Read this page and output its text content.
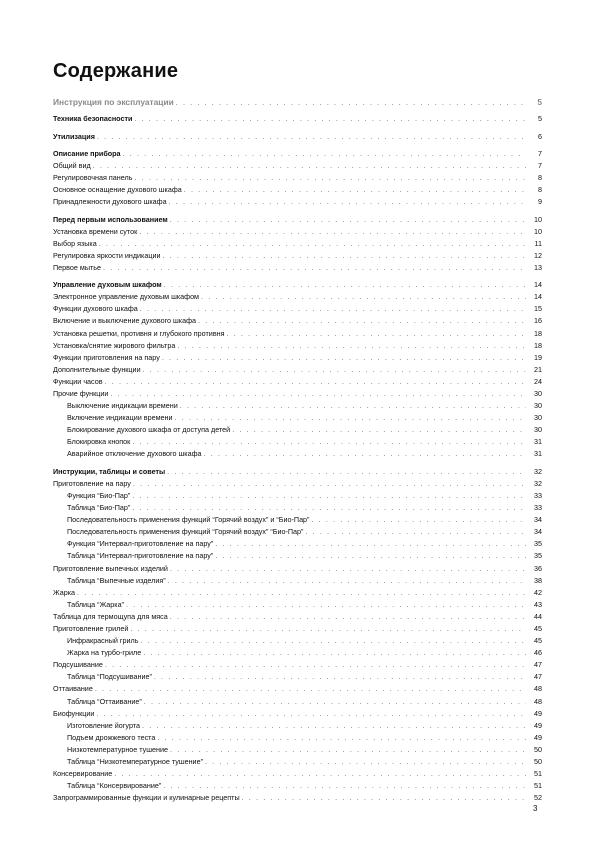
Содержание
Инструкция по эксплуатации . . .	5
Техника безопасности . . .	5
Утилизация . . .	6
Описание прибора . . .	7
Общий вид . . .	7
Регулировочная панель . . .	8
Основное оснащение духового шкафа . . .	8
Принадлежности духового шкафа . . .	9
Перед первым использованием . . .	10
Установка времени суток . . .	10
Выбор языка . . .	11
Регулировка яркости индикации . . .	12
Первое мытье . . .	13
Управление духовым шкафом . . .	14
Электронное управление духовым шкафом . . .	14
Функции духового шкафа . . .	15
Включение и выключение духового шкафа . . .	16
Установка решетки, противня и глубокого противня . . .	18
Установка/снятие жирового фильтра . . .	18
Функции приготовления на пару . . .	19
Дополнительные функции . . .	21
Функции часов . . .	24
Прочие функции . . .	30
Выключение индикации времени . . .	30
Включение индикации времени . . .	30
Блокирование духового шкафа от доступа детей . . .	30
Блокировка кнопок . . .	31
Аварийное отключение духового шкафа . . .	31
Инструкции, таблицы и советы . . .	32
Приготовление на пару . . .	32
Функция “Био-Пар” . . .	33
Таблица “Био-Пар” . . .	33
Последовательность применения функций “Горячий воздух” и “Био-Пар” . . .	34
Последовательность применения функций “Горячий воздух” “Био-Пар” . . .	34
Функция “Интервал-приготовление на пару” . . .	35
Таблица “Интервал-приготовление на пару” . . .	35
Приготовление выпечных изделий . . .	36
Таблица “Выпечные изделия” . . .	38
Жарка . . .	42
Таблица “Жарка” . . .	43
Таблица для термощупа для мяса . . .	44
Приготовление грилей . . .	45
Инфракрасный гриль . . .	45
Жарка на турбо-гриле . . .	46
Подсушивание . . .	47
Таблица “Подсушивание” . . .	47
Оттаивание . . .	48
Таблица “Оттаивание” . . .	48
Биофункции . . .	49
Изготовление йогурта . . .	49
Подъем дрожжевого теста . . .	49
Низкотемпературное тушение . . .	50
Таблица “Низкотемпературное тушение” . . .	50
Консервирование . . .	51
Таблица “Консервирование” . . .	51
Запрограммированные функции и кулинарные рецепты . . .	52
3
